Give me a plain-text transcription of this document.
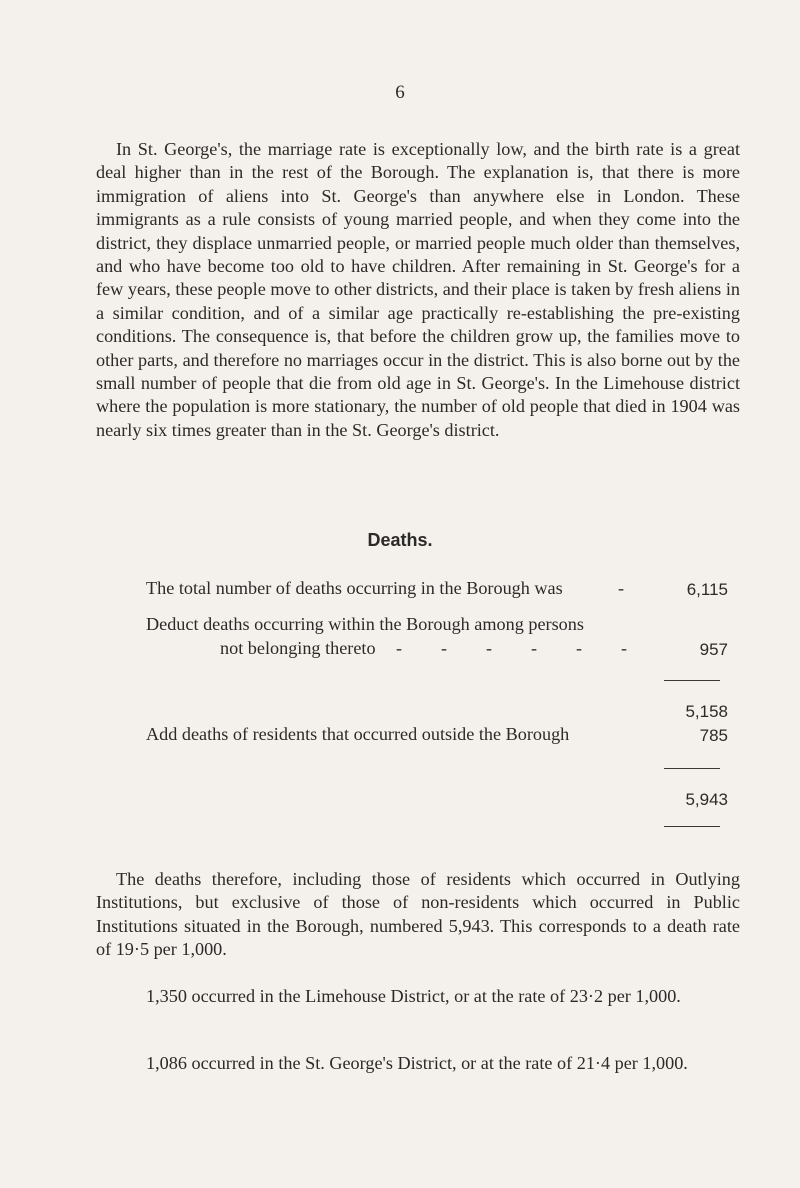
6

In St. George's, the marriage rate is exceptionally low, and the birth rate is a great deal higher than in the rest of the Borough. The explanation is, that there is more immigration of aliens into St. George's than anywhere else in London. These immigrants as a rule consists of young married people, and when they come into the district, they displace unmarried people, or married people much older than themselves, and who have become too old to have children. After remaining in St. George's for a few years, these people move to other districts, and their place is taken by fresh aliens in a similar condition, and of a similar age practically re-establishing the pre-existing conditions. The consequence is, that before the children grow up, the families move to other parts, and therefore no marriages occur in the district. This is also borne out by the small number of people that die from old age in St. George's. In the Limehouse district where the population is more stationary, the number of old people that died in 1904 was nearly six times greater than in the St. George's district.

Deaths.
The total number of deaths occurring in the Borough was	-	6,115
Deduct deaths occurring within the Borough among persons
not belonging thereto - - - - - -	957
5,158
Add deaths of residents that occurred outside the Borough	785
5,943

The deaths therefore, including those of residents which occurred in Outlying Institutions, but exclusive of those of non-residents which occurred in Public Institutions situated in the Borough, numbered 5,943. This corresponds to a death rate of 19·5 per 1,000.

1,350 occurred in the Limehouse District, or at the rate of 23·2 per 1,000.

1,086 occurred in the St. George's District, or at the rate of 21·4 per 1,000.
